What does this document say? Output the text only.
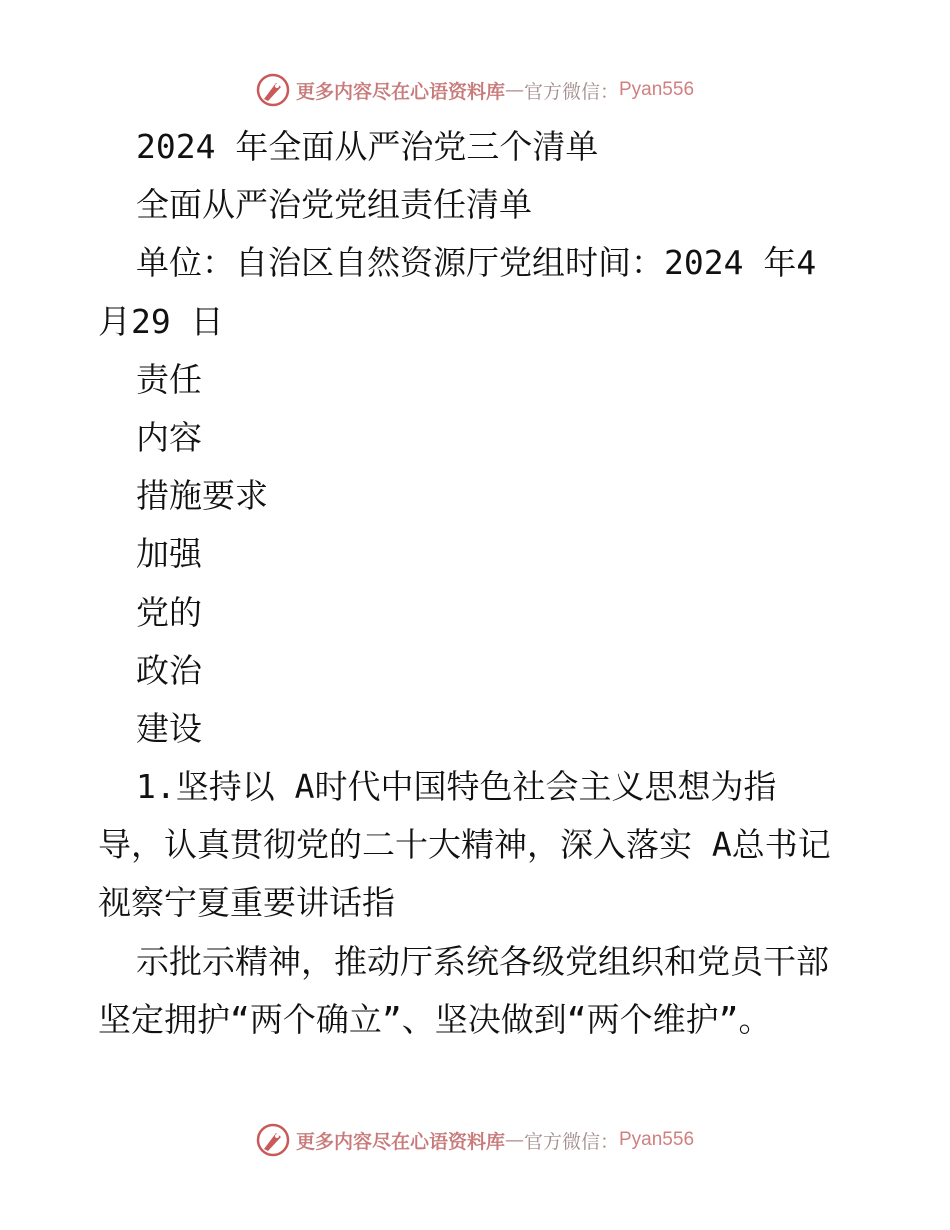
更多内容尽在心语资料库 — 官方微信： Pyan556
2024 年全面从严治党三个清单
全面从严治党党组责任清单
单位：自治区自然资源厅党组时间：2024 年4
月29 日
责任
内容
措施要求
加强
党的
政治
建设
1.坚持以 A时代中国特色社会主义思想为指
导，认真贯彻党的二十大精神，深入落实 A总书记
视察宁夏重要讲话指
示批示精神，推动厅系统各级党组织和党员干部
坚定拥护“两个确立”、坚决做到“两个维护”。
更多内容尽在心语资料库 — 官方微信： Pyan556
